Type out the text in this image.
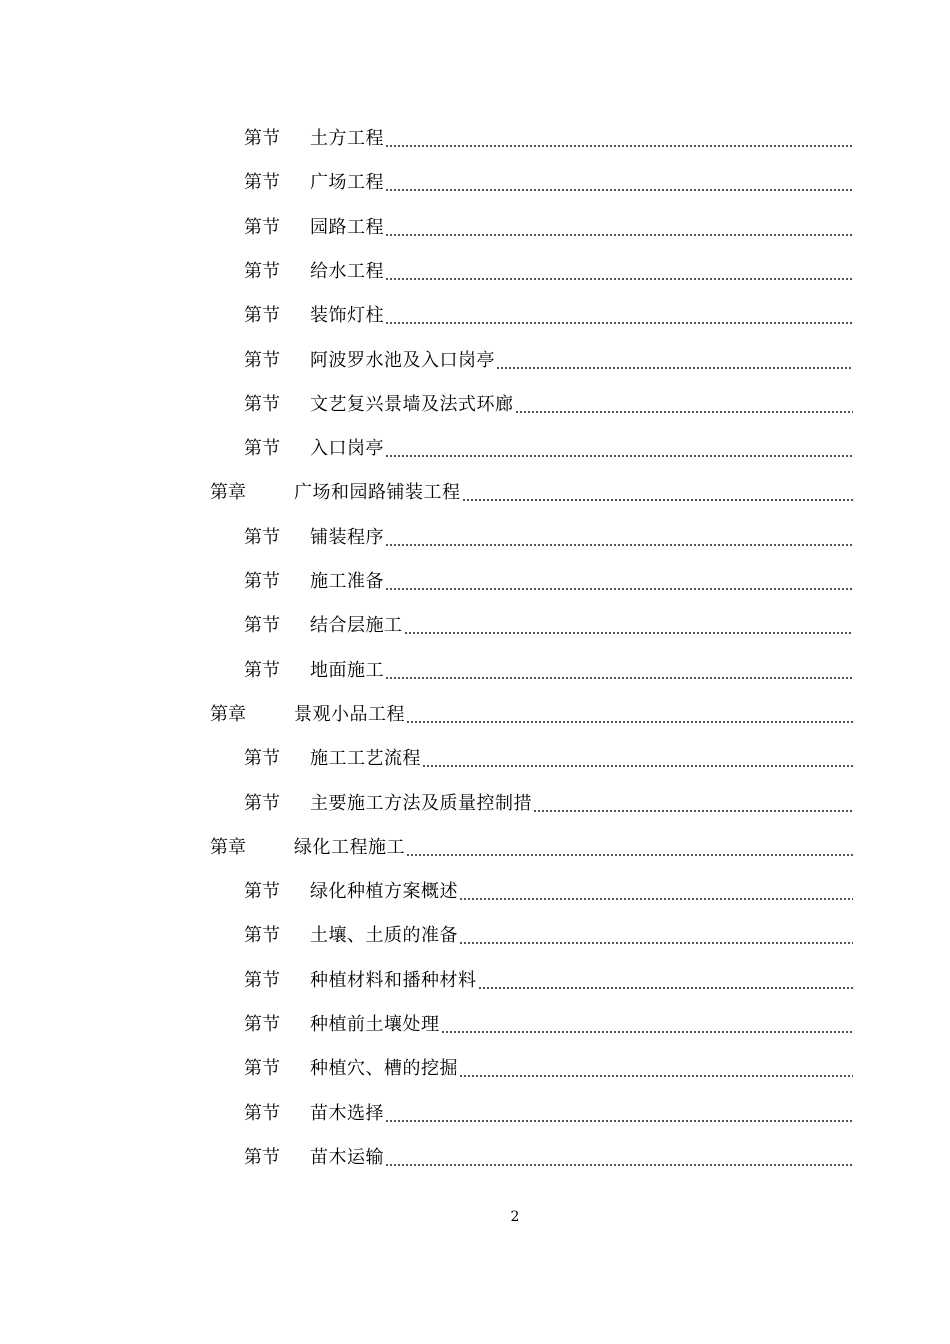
第节	土方工程
第节	广场工程
第节	园路工程
第节	给水工程
第节	装饰灯柱
第节	阿波罗水池及入口岗亭
第节	文艺复兴景墙及法式环廊
第节	入口岗亭
第章	广场和园路铺装工程
第节	铺装程序
第节	施工准备
第节	结合层施工
第节	地面施工
第章	景观小品工程
第节	施工工艺流程
第节	主要施工方法及质量控制措
第章	绿化工程施工
第节	绿化种植方案概述
第节	土壤、土质的准备
第节	种植材料和播种材料
第节	种植前土壤处理
第节	种植穴、槽的挖掘
第节	苗木选择
第节	苗木运输
2
